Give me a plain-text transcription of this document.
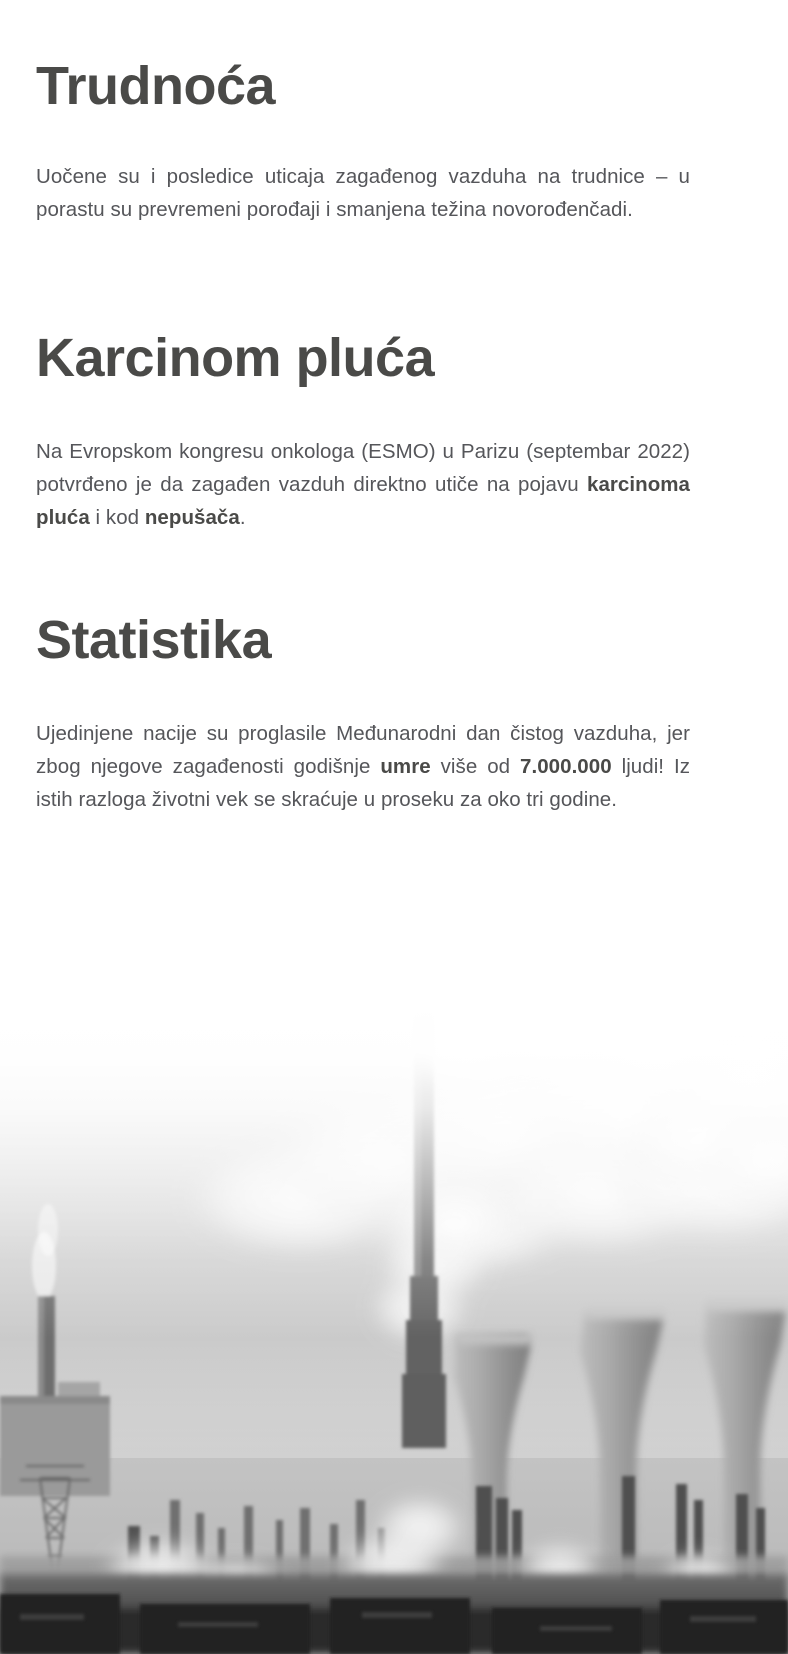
Trudnoća

Uočene su i posledice uticaja zagađenog vazduha na trudnice – u porastu su prevremeni porođaji i smanjena težina novorođenčadi.

Karcinom pluća

Na Evropskom kongresu onkologa (ESMO) u Parizu (septembar 2022) potvrđeno je da zagađen vazduh direktno utiče na pojavu karcinoma pluća i kod nepušača.

Statistika

Ujedinjene nacije su proglasile Međunarodni dan čistog vazduha, jer zbog njegove zagađenosti godišnje umre više od 7.000.000 ljudi! Iz istih razloga životni vek se skraćuje u proseku za oko tri godine.
